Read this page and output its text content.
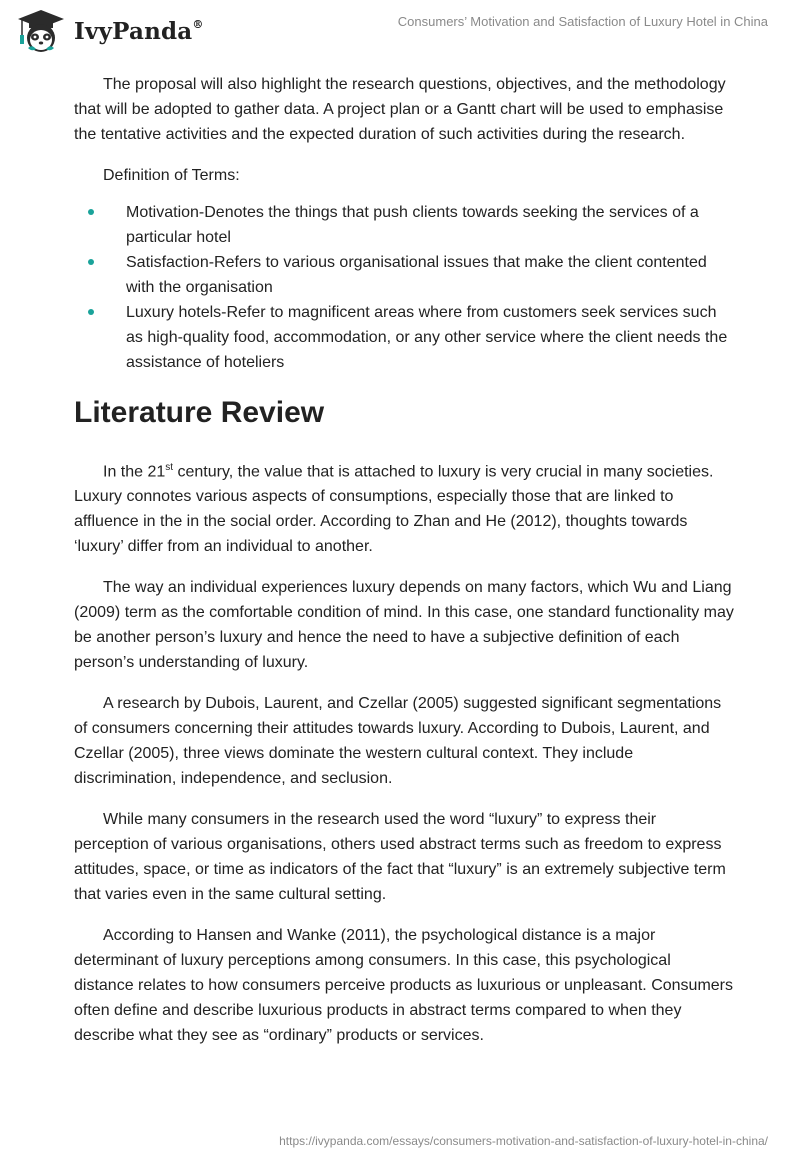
IvyPanda®	Consumers’ Motivation and Satisfaction of Luxury Hotel in China

The proposal will also highlight the research questions, objectives, and the methodology that will be adopted to gather data. A project plan or a Gantt chart will be used to emphasise the tentative activities and the expected duration of such activities during the research.

Definition of Terms:

Motivation-Denotes the things that push clients towards seeking the services of a particular hotel
Satisfaction-Refers to various organisational issues that make the client contented with the organisation
Luxury hotels-Refer to magnificent areas where from customers seek services such as high-quality food, accommodation, or any other service where the client needs the assistance of hoteliers
Literature Review

In the 21st century, the value that is attached to luxury is very crucial in many societies. Luxury connotes various aspects of consumptions, especially those that are linked to affluence in the in the social order. According to Zhan and He (2012), thoughts towards ‘luxury’ differ from an individual to another.

The way an individual experiences luxury depends on many factors, which Wu and Liang (2009) term as the comfortable condition of mind. In this case, one standard functionality may be another person’s luxury and hence the need to have a subjective definition of each person’s understanding of luxury.

A research by Dubois, Laurent, and Czellar (2005) suggested significant segmentations of consumers concerning their attitudes towards luxury. According to Dubois, Laurent, and Czellar (2005), three views dominate the western cultural context. They include discrimination, independence, and seclusion.

While many consumers in the research used the word “luxury” to express their perception of various organisations, others used abstract terms such as freedom to express attitudes, space, or time as indicators of the fact that “luxury” is an extremely subjective term that varies even in the same cultural setting.

According to Hansen and Wanke (2011), the psychological distance is a major determinant of luxury perceptions among consumers. In this case, this psychological distance relates to how consumers perceive products as luxurious or unpleasant. Consumers often define and describe luxurious products in abstract terms compared to when they describe what they see as “ordinary” products or services.

https://ivypanda.com/essays/consumers-motivation-and-satisfaction-of-luxury-hotel-in-china/
